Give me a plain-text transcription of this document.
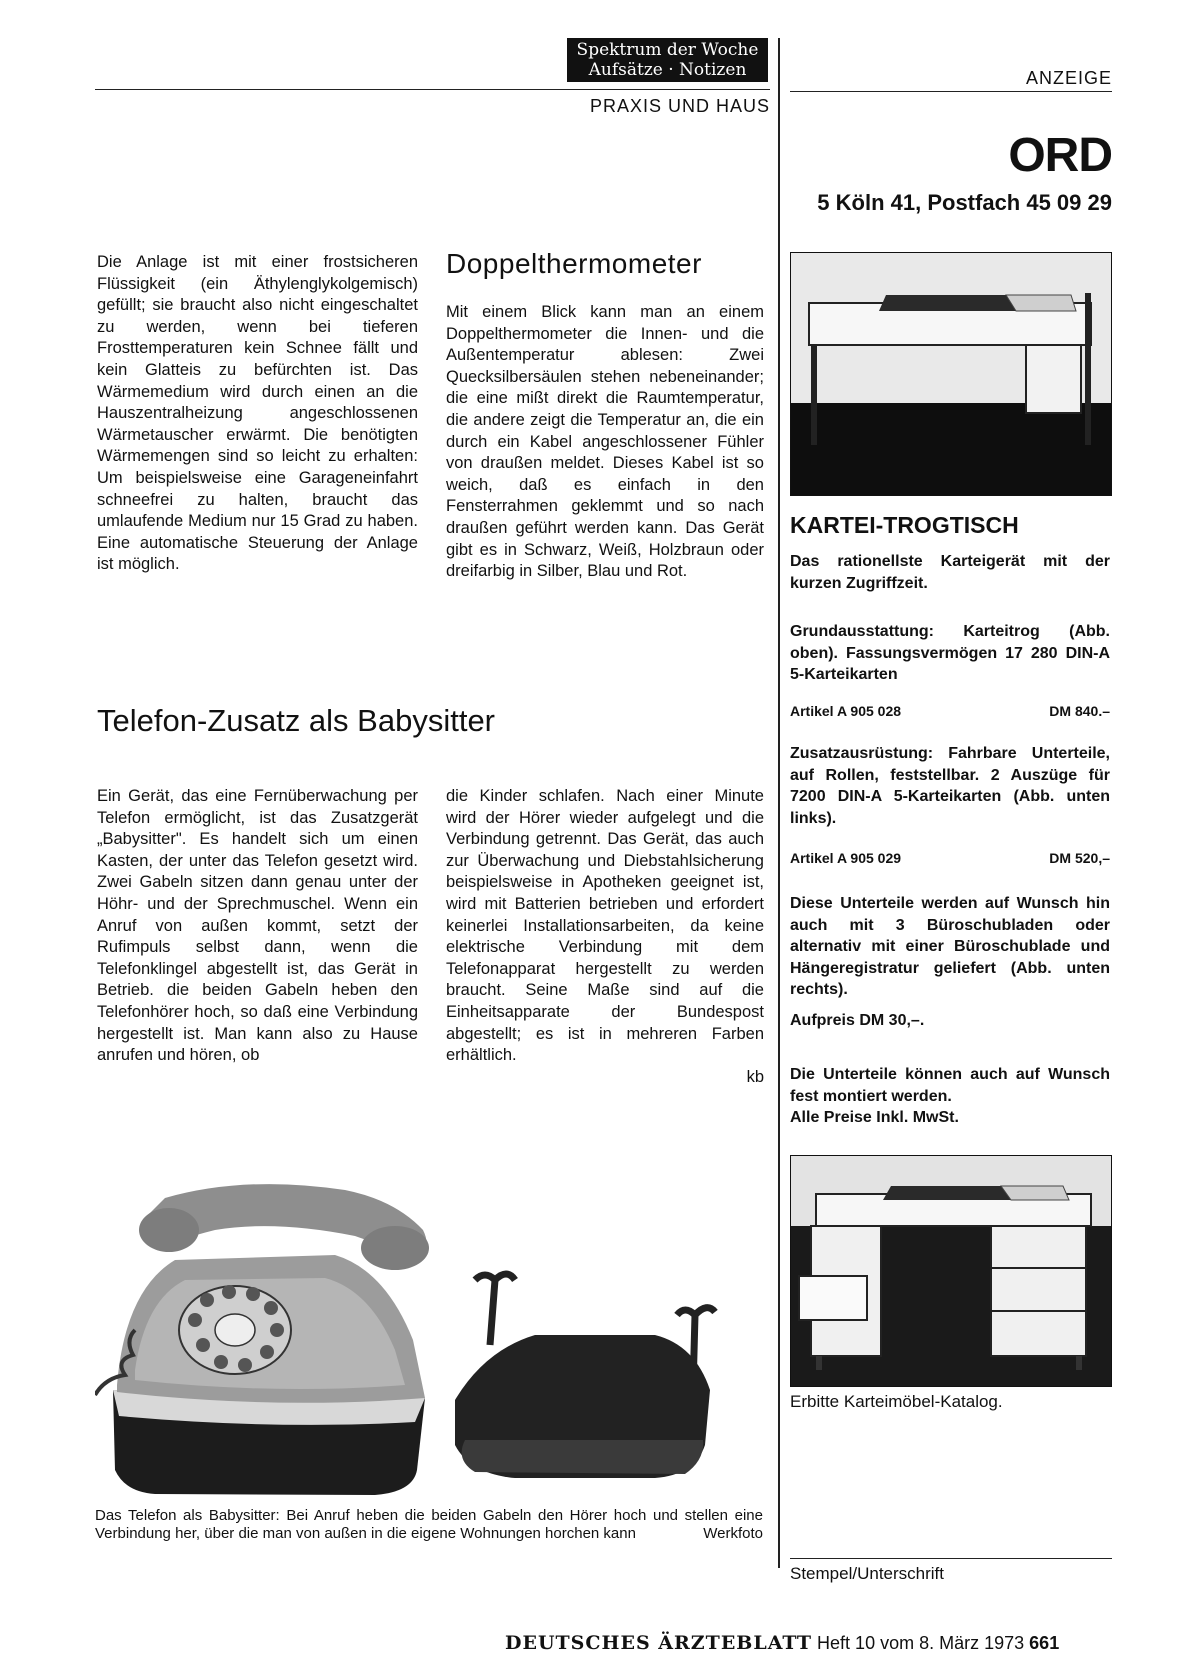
Spektrum der Woche
Aufsätze · Notizen
PRAXIS UND HAUS

Die Anlage ist mit einer frostsicheren Flüssigkeit (ein Äthylenglykolgemisch) gefüllt; sie braucht also nicht eingeschaltet zu werden, wenn bei tieferen Frosttemperaturen kein Schnee fällt und kein Glatteis zu befürchten ist. Das Wärmemedium wird durch einen an die Hauszentralheizung angeschlossenen Wärmetauscher erwärmt. Die benötigten Wärmemengen sind so leicht zu erhalten: Um beispielsweise eine Garageneinfahrt schneefrei zu halten, braucht das umlaufende Medium nur 15 Grad zu haben. Eine automatische Steuerung der Anlage ist möglich.

Doppelthermometer

Mit einem Blick kann man an einem Doppelthermometer die Innen- und die Außentemperatur ablesen: Zwei Quecksilbersäulen stehen nebeneinander; die eine mißt direkt die Raumtemperatur, die andere zeigt die Temperatur an, die ein durch ein Kabel angeschlossener Fühler von draußen meldet. Dieses Kabel ist so weich, daß es einfach in den Fensterrahmen geklemmt und so nach draußen geführt werden kann. Das Gerät gibt es in Schwarz, Weiß, Holzbraun oder dreifarbig in Silber, Blau und Rot.

Telefon-Zusatz als Babysitter

Ein Gerät, das eine Fernüberwachung per Telefon ermöglicht, ist das Zusatzgerät „Babysitter". Es handelt sich um einen Kasten, der unter das Telefon gesetzt wird. Zwei Gabeln sitzen dann genau unter der Höhr- und der Sprechmuschel. Wenn ein Anruf von außen kommt, setzt der Rufimpuls selbst dann, wenn die Telefonklingel abgestellt ist, das Gerät in Betrieb. die beiden Gabeln heben den Telefonhörer hoch, so daß eine Verbindung hergestellt ist. Man kann also zu Hause anrufen und hören, ob

die Kinder schlafen. Nach einer Minute wird der Hörer wieder aufgelegt und die Verbindung getrennt. Das Gerät, das auch zur Überwachung und Diebstahlsicherung beispielsweise in Apotheken geeignet ist, wird mit Batterien betrieben und erfordert keinerlei Installationsarbeiten, da keine elektrische Verbindung mit dem Telefonapparat hergestellt zu werden braucht. Seine Maße sind auf die Einheitsapparate der Bundespost abgestellt; es ist in mehreren Farben erhältlich.

kb
Das Telefon als Babysitter: Bei Anruf heben die beiden Gabeln den Hörer hoch und stellen eine Verbindung her, über die man von außen in die eigene Wohnungen horchen kann	Werkfoto
ANZEIGE
ORD
5 Köln 41, Postfach 45 09 29
KARTEI-TROGTISCH

Das rationellste Karteigerät mit der kurzen Zugriffzeit.

Grundausstattung: Karteitrog (Abb. oben). Fassungsvermögen 17 280 DIN-A 5-Karteikarten

Artikel A 905 028	DM 840.–

Zusatzausrüstung: Fahrbare Unterteile, auf Rollen, feststellbar. 2 Auszüge für 7200 DIN-A 5-Karteikarten (Abb. unten links).

Artikel A 905 029	DM 520,–

Diese Unterteile werden auf Wunsch hin auch mit 3 Büroschubladen oder alternativ mit einer Büroschublade und Hängeregistratur geliefert (Abb. unten rechts).

Aufpreis DM 30,–.

Die Unterteile können auch auf Wunsch fest montiert werden.

Alle Preise Inkl. MwSt.

Erbitte Karteimöbel-Katalog.
Stempel/Unterschrift
DEUTSCHES ÄRZTEBLATT Heft 10 vom 8. März 1973 661
